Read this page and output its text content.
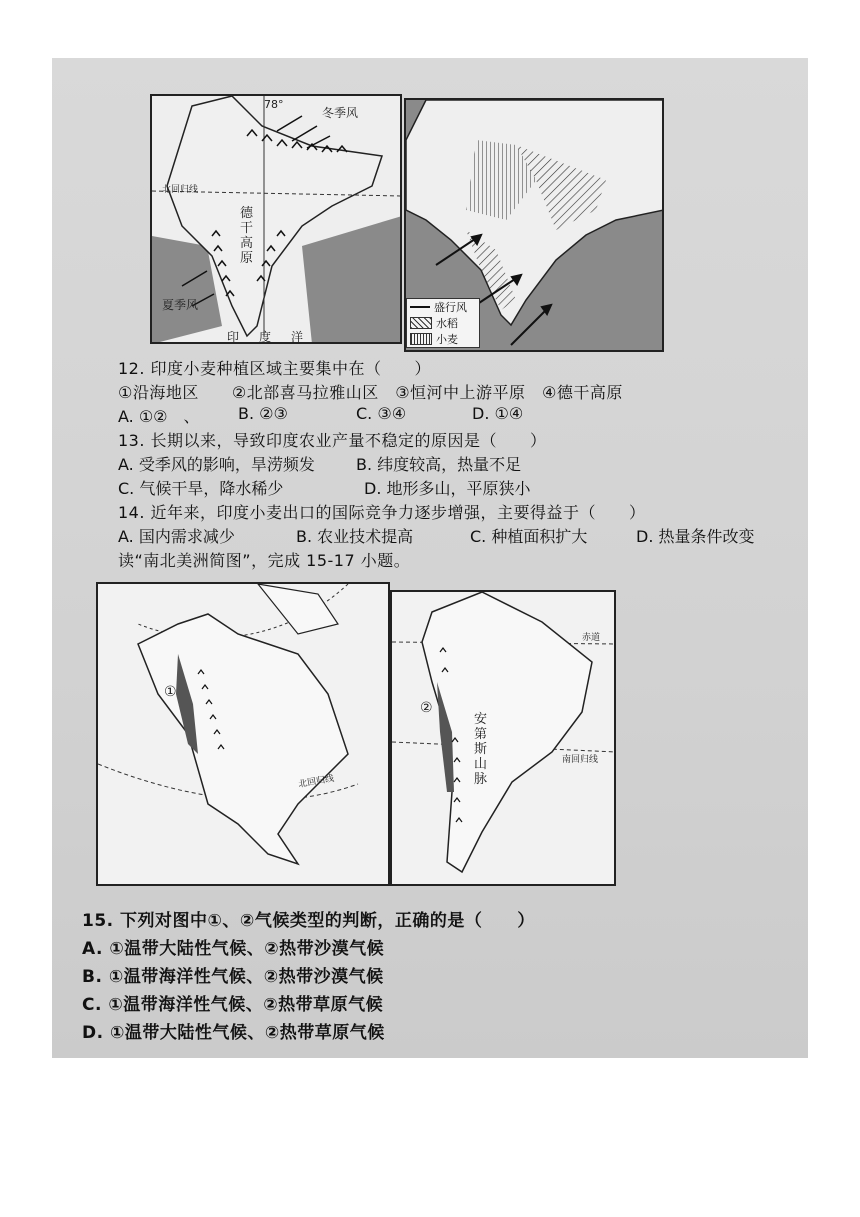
78°
冬季风
北回归线
德干高原
夏季风
印度洋
盛行风
水稻
小麦
12. 印度小麦种植区域主要集中在（　　）
①沿海地区　　②北部喜马拉雅山区　③恒河中上游平原　④德干高原
A. ①②　、 B. ②③	C. ③④	D. ①④
13. 长期以来，导致印度农业产量不稳定的原因是（　　）
A. 受季风的影响，旱涝频发	B. 纬度较高，热量不足
C. 气候干旱，降水稀少	D. 地形多山，平原狭小
14. 近年来，印度小麦出口的国际竞争力逐步增强，主要得益于（　　）
A. 国内需求减少	B. 农业技术提高	C. 种植面积扩大	D. 热量条件改变
读“南北美洲简图”，完成 15-17 小题。
①
北回归线
②
安第斯山脉
赤道
南回归线
15. 下列对图中①、②气候类型的判断，正确的是（　　）
A. ①温带大陆性气候、②热带沙漠气候
B. ①温带海洋性气候、②热带沙漠气候
C. ①温带海洋性气候、②热带草原气候
D. ①温带大陆性气候、②热带草原气候
